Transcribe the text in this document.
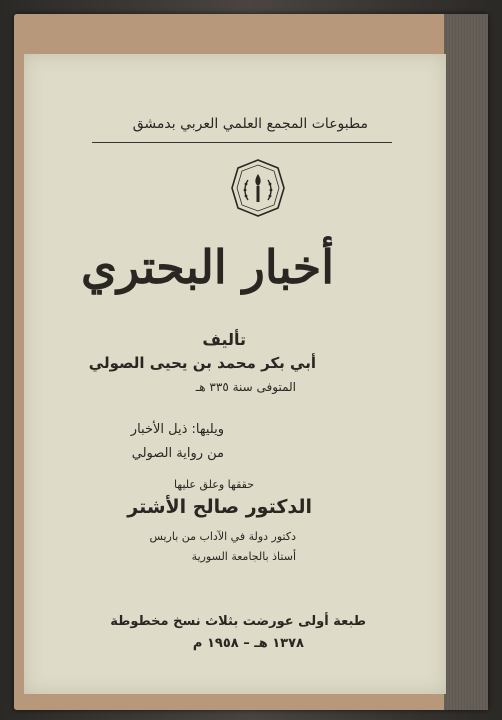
مطبوعات المجمع العلمي العربي بدمشق
أخبار البحتري
تأليف
أبي بكر محمد بن يحيى الصولي
المتوفى سنة ٣٣٥ هـ
ويليها: ذيل الأخبار
من رواية الصولي
حققها وعلق عليها
الدكتور صالح الأشتر
دكتور دولة في الآداب من باريس
أستاذ بالجامعة السورية
طبعة أولى عورضت بثلاث نسخ مخطوطة
١٣٧٨ هـ – ١٩٥٨ م
